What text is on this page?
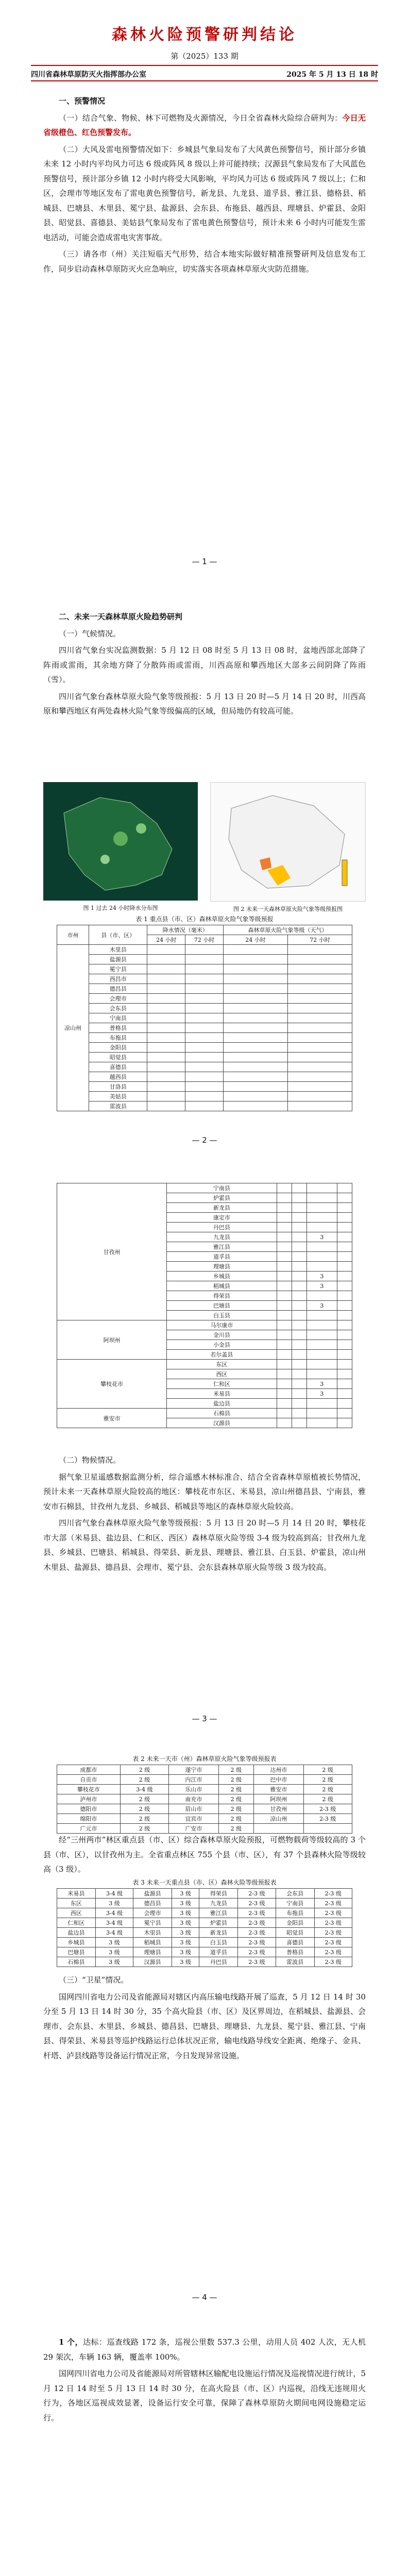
森林火险预警研判结论
第（2025）133 期
四川省森林草原防灭火指挥部办公室	2025 年 5 月 13 日 18 时

一、预警情况

（一）结合气象、物候、林下可燃物及火源情况，今日全省森林火险综合研判为：今日无省级橙色、红色预警发布。

（二）大风及雷电预警情况如下：乡城县气象局发布了大风黄色预警信号，预计部分乡镇未来 12 小时内平均风力可达 6 级或阵风 8 级以上并可能持续；汉源县气象局发布了大风蓝色预警信号，预计部分乡镇 12 小时内将受大风影响，平均风力可达 6 级或阵风 7 级以上；仁和区，会理市等地区发布了雷电黄色预警信号，新龙县、九龙县、道孚县、雅江县、德格县、稻城县、巴塘县、木里县、冕宁县、盐源县、会东县、布拖县、越西县、理塘县、炉霍县、金阳县、昭觉县、喜德县、美姑县气象局发布了雷电黄色预警信号，预计未来 6 小时内可能发生雷电活动，可能会造成雷电灾害事故。

（三）请各市（州）关注短临天气形势，结合本地实际做好精准预警研判及信息发布工作，同步启动森林草原防灭火应急响应，切实落实各项森林草原火灾防范措施。

— 1 —

二、未来一天森林草原火险趋势研判

（一）气候情况。

四川省气象台实况监测数据：5 月 12 日 08 时至 5 月 13 日 08 时，盆地西部北部降了阵雨或雷雨，其余地方降了分散阵雨或雷雨，川西高原和攀西地区大部多云间阴降了阵雨（雪）。

四川省气象台森林草原火险气象等级预报：5 月 13 日 20 时—5 月 14 日 20 时，川西高原和攀西地区有两处森林火险气象等级偏高的区域，但局地仍有较高可能。

图 1 过去 24 小时降水分布图	图 2 未来一天森林草原火险气象等级预报图
表 1 重点县（市、区）森林草原火险气象等级预报
市州	县（市、区）	降水情况（毫米）		森林草原火险气象等级（天气）	
		24 小时	72 小时	24 小时	72 小时
凉山州	木里县				
	盐源县				
	冕宁县				
	西昌市				
	德昌县				
	会理市				
	会东县				
	宁南县				
	普格县				
	布拖县				
	金阳县				
	昭觉县				
	喜德县				
	越西县				
	甘洛县				
	美姑县				
	雷波县				
— 2 —
甘孜州	宁南县				
	炉霍县				
	新龙县				
	康定市				
	丹巴县				
	九龙县			3	
	雅江县				
	道孚县				
	理塘县				
	乡城县			3	
	稻城县			3	
	得荣县				
	巴塘县			3	
	白玉县				
阿坝州	马尔康市				
	金川县				
	小金县				
	若尔盖县				
攀枝花市	东区				
	西区				
	仁和区			3	
	米易县			3	
	盐边县				
雅安市	石棉县				
	汉源县				

（二）物候情况。

据气象卫星遥感数据监测分析，综合遥感木林标准合、结合全省森林草原植被长势情况，预计未来一天森林草原火险较高的地区：攀枝花市东区、米易县，凉山州德昌县、宁南县，雅安市石棉县，甘孜州九龙县、乡城县、稻城县等地区的森林草原火险较高。

四川省气象台森林草原火险气象等级预报：5 月 13 日 20 时—5 月 14 日 20 时，攀枝花市大部（米易县、盐边县、仁和区、西区）森林草原火险等级 3-4 级为较高到高；甘孜州九龙县、乡城县、巴塘县、稻城县、得荣县、新龙县、理塘县、雅江县、白玉县、炉霍县，凉山州木里县、盐源县、德昌县、会理市、冕宁县、会东县森林草原火险等级 3 级为较高。

— 3 —
表 2 未来一天市（州）森林草原火险气象等级预报表
成都市	2 级	遂宁市	2 级	达州市	2 级
自贡市	2 级	内江市	2 级	巴中市	2 级
攀枝花市	3-4 级	乐山市	2 级	雅安市	2 级
泸州市	2 级	南充市	2 级	阿坝州	2 级
德阳市	2 级	眉山市	2 级	甘孜州	2-3 级
绵阳市	2 级	宜宾市	2 级	凉山州	2-3 级
广元市	2 级	广安市	2 级		

经“三州两市”林区重点县（市、区）综合森林草原火险预报，可燃物载荷等级较高的 3 个县（市、区），以甘孜州为主。全省重点林区 755 个县（市、区），有 37 个县森林火险等级较高（3 级）。

表 3 未来一天重点县（市、区）森林火险等级预报表
米易县	3-4 级	盐源县	3 级	得荣县	2-3 级	会东县	2-3 级
东区	3 级	德昌县	3 级	九龙县	2-3 级	宁南县	2-3 级
西区	3-4 级	会理市	3 级	雅江县	2-3 级	布拖县	2-3 级
仁和区	3-4 级	冕宁县	3 级	炉霍县	2-3 级	金阳县	2-3 级
盐边县	3-4 级	木里县	3 级	新龙县	2-3 级	昭觉县	2-3 级
乡城县	3 级	稻城县	3 级	白玉县	2-3 级	喜德县	2-3 级
巴塘县	3 级	理塘县	3 级	道孚县	2-3 级	普格县	2-3 级
石棉县	3 级	汉源县	3 级	丹巴县	2-3 级	雷波县	2-3 级

（三）“卫星”情况。

国网四川省电力公司及省能源局对辖区内高压输电线路开展了巡查，5 月 12 日 14 时 30 分至 5 月 13 日 14 时 30 分，35 个高火险县（市、区）及区界周边，在稻城县、盐源县、会理市、会东县、木里县、乡城县、德昌县、巴塘县、理塘县、九龙县、冕宁县、雅江县、宁南县、得荣县、米易县等巡护线路运行总体状况正常，输电线路导线安全距离、绝缘子、金具、杆塔、泸县线路等设备运行情况正常，今日发现异常设施。

— 4 —

1 个，达标：巡查线路 172 条，巡视公里数 537.3 公里，动用人员 402 人次，无人机 29 架次，车辆 163 辆，覆盖率 100%。

国网四川省电力公司及省能源局对所管辖林区输配电设施运行情况及巡视情况进行统计，5 月 12 日 14 时至 5 月 13 日 14 时 30 分，在高火险县（市、区）内巡视，沿线无违规用火行为，各地区巡视成效显著，设备运行安全可靠，保障了森林草原防火期间电网设施稳定运行。
